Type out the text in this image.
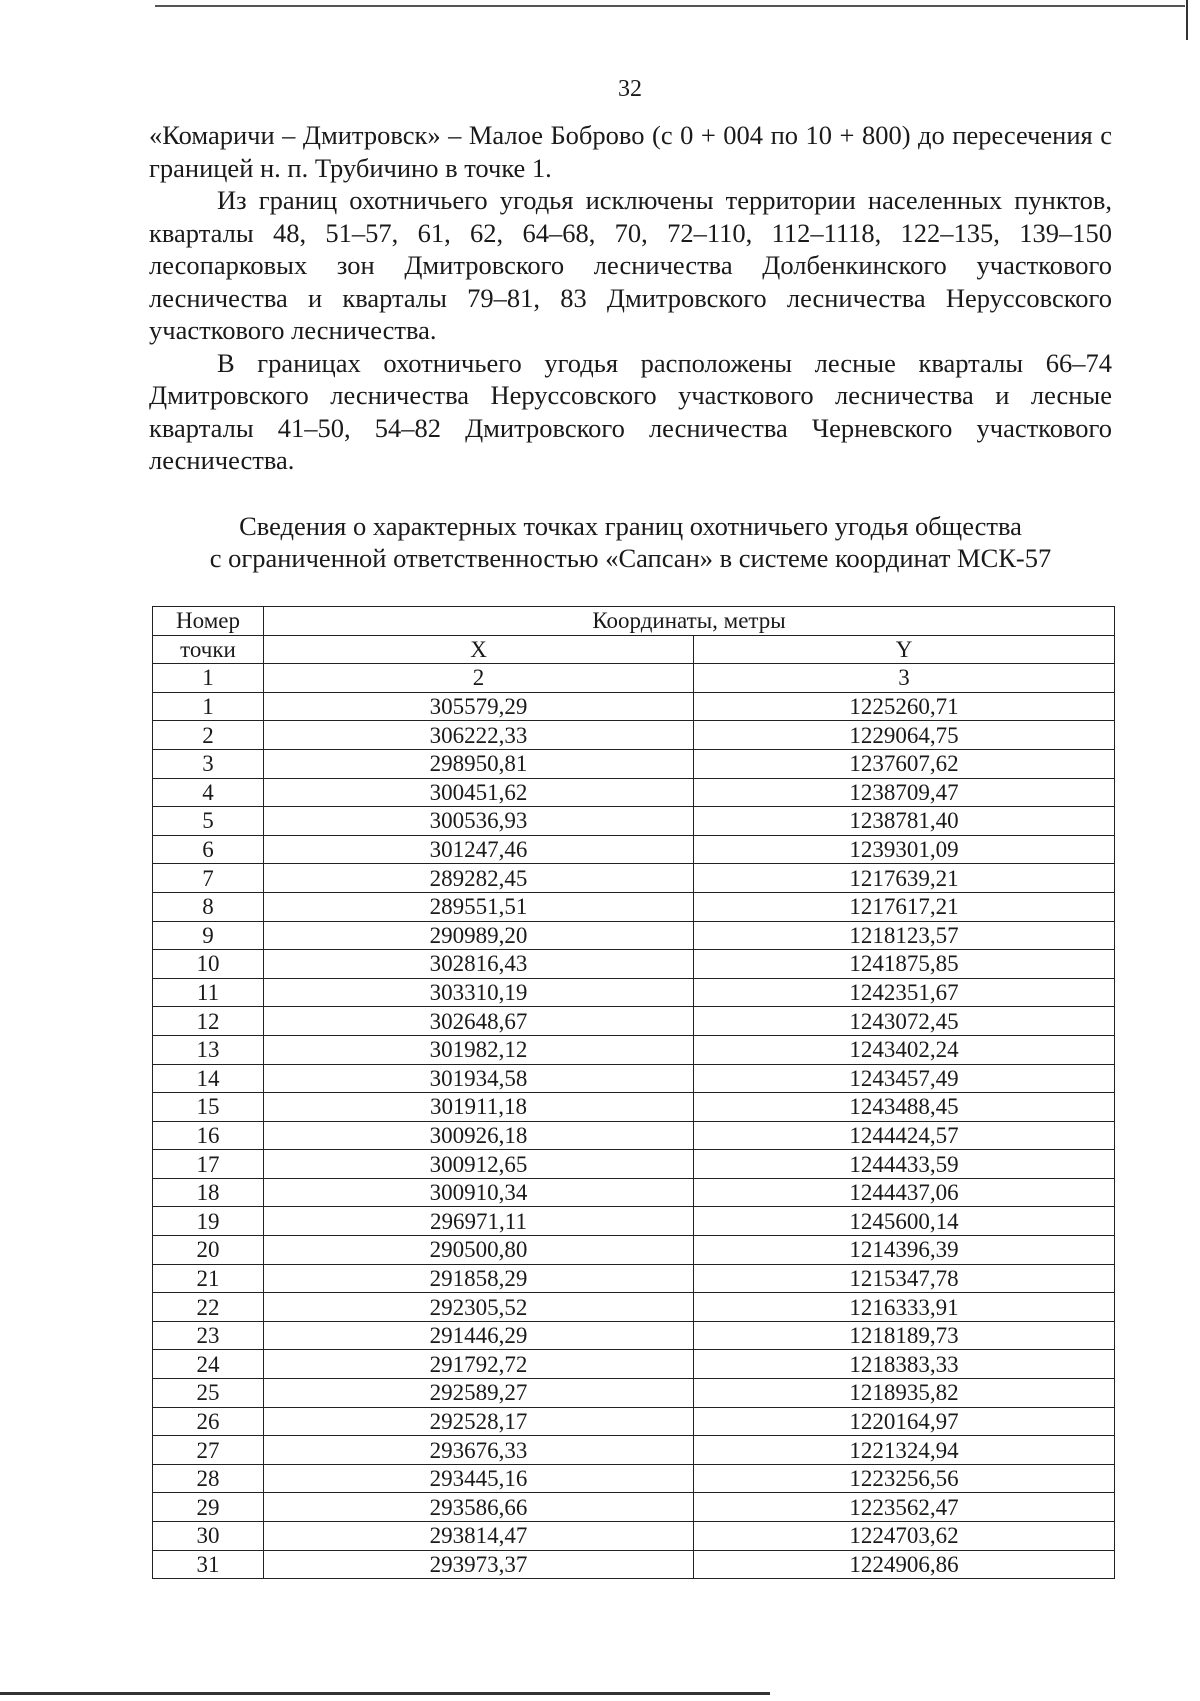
32

«Комаричи – Дмитровск» – Малое Боброво (с 0 + 004 по 10 + 800) до пересечения с границей н. п. Трубичино в точке 1.

Из границ охотничьего угодья исключены территории населенных пунктов, кварталы 48, 51–57, 61, 62, 64–68, 70, 72–110, 112–1118, 122–135, 139–150 лесопарковых зон Дмитровского лесничества Долбенкинского участкового лесничества и кварталы 79–81, 83 Дмитровского лесничества Неруссовского участкового лесничества.

В границах охотничьего угодья расположены лесные кварталы 66–74 Дмитровского лесничества Неруссовского участкового лесничества и лесные кварталы 41–50, 54–82 Дмитровского лесничества Черневского участкового лесничества.

Сведения о характерных точках границ охотничьего угодья общества
с ограниченной ответственностью «Сапсан» в системе координат МСК-57
Номер	Координаты, метры	
точки	X	Y
1	2	3
1	305579,29	1225260,71
2	306222,33	1229064,75
3	298950,81	1237607,62
4	300451,62	1238709,47
5	300536,93	1238781,40
6	301247,46	1239301,09
7	289282,45	1217639,21
8	289551,51	1217617,21
9	290989,20	1218123,57
10	302816,43	1241875,85
11	303310,19	1242351,67
12	302648,67	1243072,45
13	301982,12	1243402,24
14	301934,58	1243457,49
15	301911,18	1243488,45
16	300926,18	1244424,57
17	300912,65	1244433,59
18	300910,34	1244437,06
19	296971,11	1245600,14
20	290500,80	1214396,39
21	291858,29	1215347,78
22	292305,52	1216333,91
23	291446,29	1218189,73
24	291792,72	1218383,33
25	292589,27	1218935,82
26	292528,17	1220164,97
27	293676,33	1221324,94
28	293445,16	1223256,56
29	293586,66	1223562,47
30	293814,47	1224703,62
31	293973,37	1224906,86
